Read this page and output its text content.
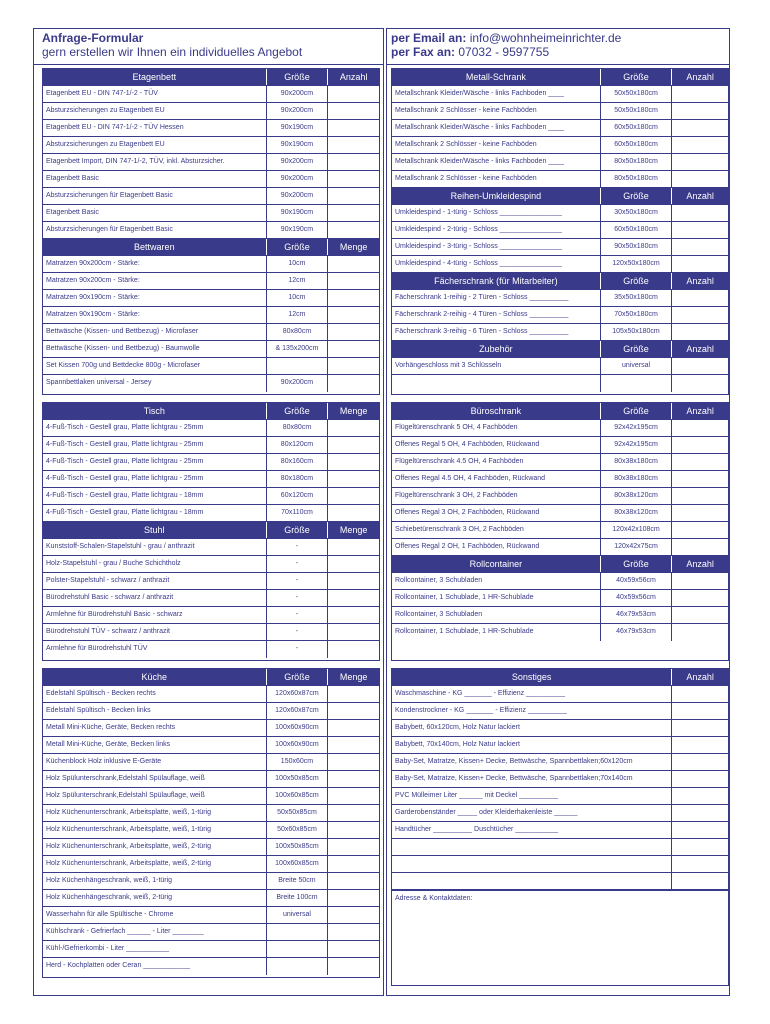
Anfrage-Formular
gern erstellen wir Ihnen ein individuelles Angebot
per Email an: info@wohnheimeinrichter.de
per Fax an: 07032 - 9597755
Etagenbett	Größe	Anzahl
Etagenbett EU - DIN 747-1/-2 - TÜV	90x200cm
Absturzsicherungen zu Etagenbett EU	90x200cm
Etagenbett EU - DIN 747-1/-2 - TÜV Hessen	90x190cm
Absturzsicherungen zu Etagenbett EU	90x190cm
Etagenbett Import, DIN 747-1/-2, TÜV, inkl. Absturzsicher.	90x200cm
Etagenbett Basic	90x200cm
Absturzsicherungen für Etagenbett Basic	90x200cm
Etagenbett Basic	90x190cm
Absturzsicherungen für Etagenbett Basic	90x190cm
Bettwaren	Größe	Menge
Matratzen 90x200cm - Stärke:	10cm
Matratzen 90x200cm - Stärke:	12cm
Matratzen 90x190cm - Stärke:	10cm
Matratzen 90x190cm - Stärke:	12cm
Bettwäsche (Kissen- und Bettbezug) - Microfaser	80x80cm
Bettwäsche (Kissen- und Bettbezug) - Baumwolle	& 135x200cm
Set Kissen 700g und Bettdecke 800g - Microfaser
Spannbettlaken universal - Jersey	90x200cm
Metall-Schrank	Größe	Anzahl
Metallschrank Kleider/Wäsche - links Fachboden ____	50x50x180cm
Metallschrank 2 Schlösser - keine Fachböden	50x50x180cm
Metallschrank Kleider/Wäsche - links Fachboden ____	60x50x180cm
Metallschrank 2 Schlösser - keine Fachböden	60x50x180cm
Metallschrank Kleider/Wäsche - links Fachboden ____	80x50x180cm
Metallschrank 2 Schlösser - keine Fachböden	80x50x180cm
Reihen-Umkleidespind	Größe	Anzahl
Umkleidespind - 1-türig - Schloss ________________	30x50x180cm
Umkleidespind - 2-türig - Schloss ________________	60x50x180cm
Umkleidespind - 3-türig - Schloss ________________	90x50x180cm
Umkleidespind - 4-türig - Schloss ________________	120x50x180cm
Fächerschrank (für Mitarbeiter)	Größe	Anzahl
Fächerschrank 1-reihig - 2 Türen - Schloss __________	35x50x180cm
Fächerschrank 2-reihig - 4 Türen - Schloss __________	70x50x180cm
Fächerschrank 3-reihig - 6 Türen - Schloss __________	105x50x180cm
Zubehör	Größe	Anzahl
Vorhängeschloss mit 3 Schlüsseln	universal
Tisch	Größe	Menge
4-Fuß-Tisch - Gestell grau, Platte lichtgrau - 25mm	80x80cm
4-Fuß-Tisch - Gestell grau, Platte lichtgrau - 25mm	80x120cm
4-Fuß-Tisch - Gestell grau, Platte lichtgrau - 25mm	80x160cm
4-Fuß-Tisch - Gestell grau, Platte lichtgrau - 25mm	80x180cm
4-Fuß-Tisch - Gestell grau, Platte lichtgrau - 18mm	60x120cm
4-Fuß-Tisch - Gestell grau, Platte lichtgrau - 18mm	70x110cm
Stuhl	Größe	Menge
Kunststoff-Schalen-Stapelstuhl - grau / anthrazit	-
Holz-Stapelstuhl - grau / Buche Schichtholz	-
Polster-Stapelstuhl - schwarz / anthrazit	-
Bürodrehstuhl Basic - schwarz / anthrazit	-
Armlehne für Bürodrehstuhl Basic - schwarz	-
Bürodrehstuhl TÜV - schwarz / anthrazit	-
Armlehne für Bürodrehstuhl TÜV	-
Büroschrank	Größe	Anzahl
Flügeltürenschrank 5 OH, 4 Fachböden	92x42x195cm
Offenes Regal 5 OH, 4 Fachböden, Rückwand	92x42x195cm
Flügeltürenschrank 4.5 OH, 4 Fachböden	80x38x180cm
Offenes Regal 4.5 OH, 4 Fachböden, Rückwand	80x38x180cm
Flügeltürenschrank 3 OH, 2 Fachböden	80x38x120cm
Offenes Regal 3 OH, 2 Fachböden, Rückwand	80x38x120cm
Schiebetürenschrank 3 OH, 2 Fachböden	120x42x108cm
Offenes Regal 2 OH, 1 Fachböden, Rückwand	120x42x75cm
Rollcontainer	Größe	Anzahl
Rollcontainer, 3 Schubladen	40x59x56cm
Rollcontainer, 1 Schublade, 1 HR-Schublade	40x59x56cm
Rollcontainer, 3 Schubladen	46x79x53cm
Rollcontainer, 1 Schublade, 1 HR-Schublade	46x79x53cm
Küche	Größe	Menge
Edelstahl Spültisch - Becken rechts	120x60x87cm
Edelstahl Spültisch - Becken links	120x60x87cm
Metall Mini-Küche, Geräte, Becken rechts	100x60x90cm
Metall Mini-Küche, Geräte, Becken links	100x60x90cm
Küchenblock Holz inklusive E-Geräte	150x60cm
Holz Spülunterschrank,Edelstahl Spülauflage, weiß	100x50x85cm
Holz Spülunterschrank,Edelstahl Spülauflage, weiß	100x60x85cm
Holz Küchenunterschrank, Arbeitsplatte, weiß, 1-türig	50x50x85cm
Holz Küchenunterschrank, Arbeitsplatte, weiß, 1-türig	50x60x85cm
Holz Küchenunterschrank, Arbeitsplatte, weiß, 2-türig	100x50x85cm
Holz Küchenunterschrank, Arbeitsplatte, weiß, 2-türig	100x60x85cm
Holz Küchenhängeschrank, weiß, 1-türig	Breite 50cm
Holz Küchenhängeschrank, weiß, 2-türig	Breite 100cm
Wasserhahn für alle Spültische - Chrome	universal
Kühlschrank - Gefrierfach ______ - Liter ________
Kühl-/Gefrierkombi - Liter ___________
Herd - Kochplatten oder Ceran ____________
Sonstiges	Anzahl
Waschmaschine - KG _______ - Effizienz __________
Kondenstrockner - KG _______ - Effizienz __________
Babybett, 60x120cm, Holz Natur lackiert
Babybett, 70x140cm, Holz Natur lackiert
Baby-Set, Matratze, Kissen+ Decke, Bettwäsche, Spannbettlaken;60x120cm
Baby-Set, Matratze, Kissen+ Decke, Bettwäsche, Spannbettlaken;70x140cm
PVC Mülleimer Liter ______ mit Deckel __________
Garderobenständer _____ oder Kleiderhakenleiste ______
Handtücher __________ Duschtücher ___________
Adresse & Kontaktdaten:
